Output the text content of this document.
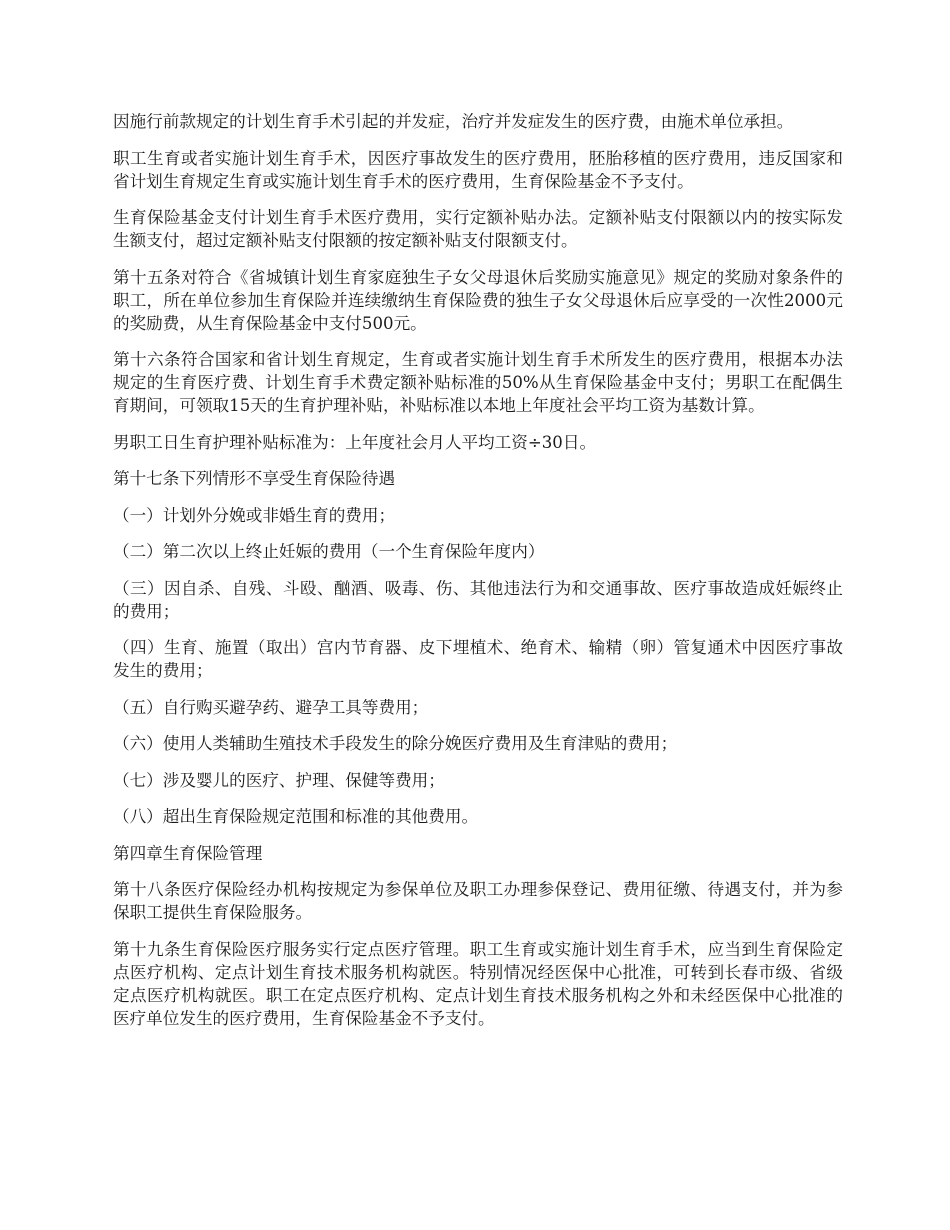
因施行前款规定的计划生育手术引起的并发症，治疗并发症发生的医疗费，由施术单位承担。

职工生育或者实施计划生育手术，因医疗事故发生的医疗费用，胚胎移植的医疗费用，违反国家和省计划生育规定生育或实施计划生育手术的医疗费用，生育保险基金不予支付。

生育保险基金支付计划生育手术医疗费用，实行定额补贴办法。定额补贴支付限额以内的按实际发生额支付，超过定额补贴支付限额的按定额补贴支付限额支付。

第十五条对符合《省城镇计划生育家庭独生子女父母退休后奖励实施意见》规定的奖励对象条件的职工，所在单位参加生育保险并连续缴纳生育保险费的独生子女父母退休后应享受的一次性2000元的奖励费，从生育保险基金中支付500元。

第十六条符合国家和省计划生育规定，生育或者实施计划生育手术所发生的医疗费用，根据本办法规定的生育医疗费、计划生育手术费定额补贴标准的50%从生育保险基金中支付；男职工在配偶生育期间，可领取15天的生育护理补贴，补贴标准以本地上年度社会平均工资为基数计算。

男职工日生育护理补贴标准为：上年度社会月人平均工资÷30日。

第十七条下列情形不享受生育保险待遇

（一）计划外分娩或非婚生育的费用；

（二）第二次以上终止妊娠的费用（一个生育保险年度内）

（三）因自杀、自残、斗殴、酗酒、吸毒、伤、其他违法行为和交通事故、医疗事故造成妊娠终止的费用；

（四）生育、施置（取出）宫内节育器、皮下埋植术、绝育术、输精（卵）管复通术中因医疗事故发生的费用；

（五）自行购买避孕药、避孕工具等费用；

（六）使用人类辅助生殖技术手段发生的除分娩医疗费用及生育津贴的费用；

（七）涉及婴儿的医疗、护理、保健等费用；

（八）超出生育保险规定范围和标准的其他费用。

第四章生育保险管理

第十八条医疗保险经办机构按规定为参保单位及职工办理参保登记、费用征缴、待遇支付，并为参保职工提供生育保险服务。

第十九条生育保险医疗服务实行定点医疗管理。职工生育或实施计划生育手术，应当到生育保险定点医疗机构、定点计划生育技术服务机构就医。特别情况经医保中心批准，可转到长春市级、省级定点医疗机构就医。职工在定点医疗机构、定点计划生育技术服务机构之外和未经医保中心批准的医疗单位发生的医疗费用，生育保险基金不予支付。
